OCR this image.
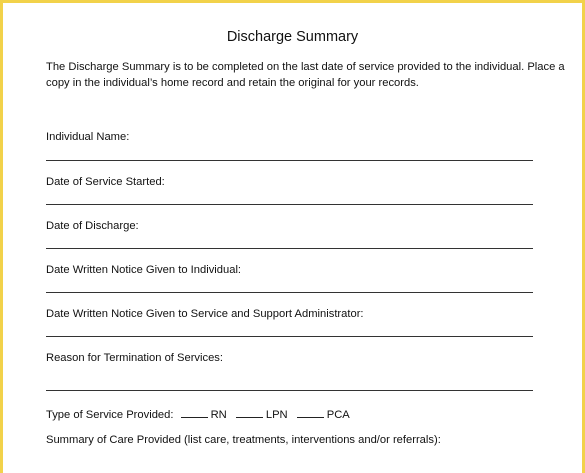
Discharge Summary
The Discharge Summary is to be completed on the last date of service provided to the individual. Place a
copy in the individual’s home record and retain the original for your records.
Individual Name:
Date of Service Started:
Date of Discharge:
Date Written Notice Given to Individual:
Date Written Notice Given to Service and Support Administrator:
Reason for Termination of Services:
Type of Service Provided:	RN	LPN	PCA
Summary of Care Provided (list care, treatments, interventions and/or referrals):
